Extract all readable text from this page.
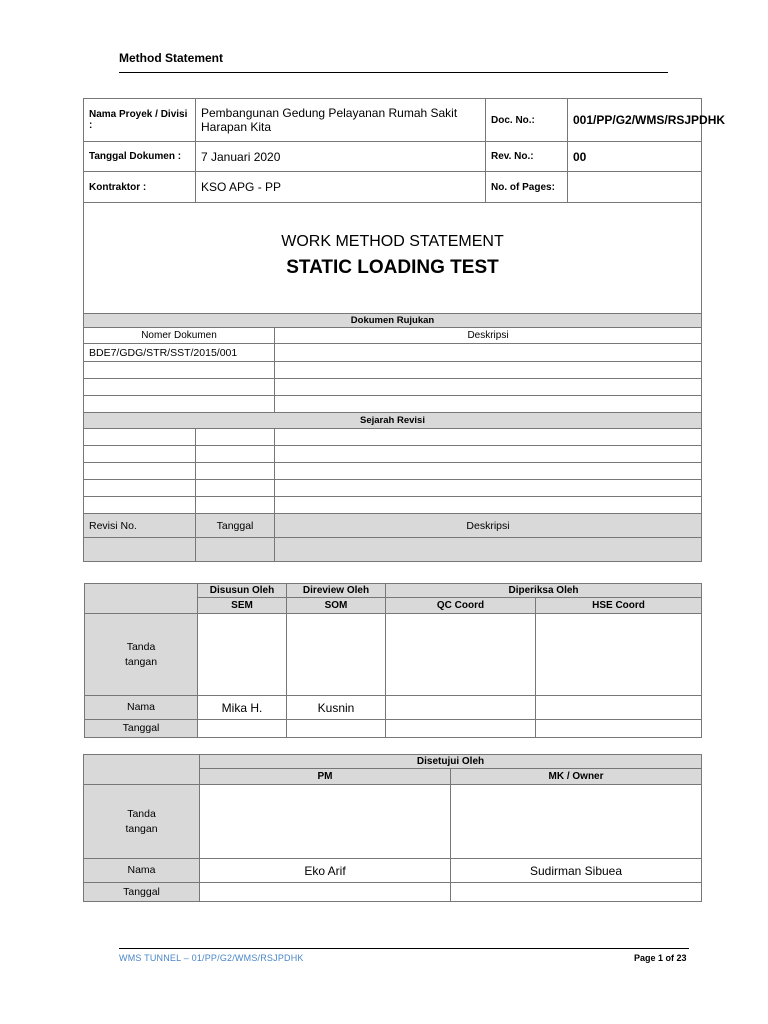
Method Statement
Nama Proyek / Divisi :	Pembangunan Gedung Pelayanan Rumah Sakit Harapan Kita		Doc. No.:	001/PP/G2/WMS/RSJPDHK
Tanggal Dokumen :	7 Januari 2020		Rev. No.:	00
Kontraktor :	KSO APG - PP		No. of Pages:	

WORK METHOD STATEMENT
STATIC LOADING TEST				

Dokumen Rujukan				
Nomer Dokumen		Deskripsi		
BDE7/GDG/STR/SST/2015/001				

Sejarah Revisi				

Revisi No.	Tanggal	Deskripsi		

	Disusun Oleh	Direview Oleh	Diperiksa Oleh	
	SEM	SOM	QC Coord	HSE Coord
Tanda tangan				
Nama	Mika H.	Kusnin		
Tanggal				
	Disetujui Oleh	
	PM	MK / Owner
Tanda tangan		
Nama	Eko Arif	Sudirman Sibuea
Tanggal		
WMS TUNNEL – 01/PP/G2/WMS/RSJPDHK	Page 1 of 23
